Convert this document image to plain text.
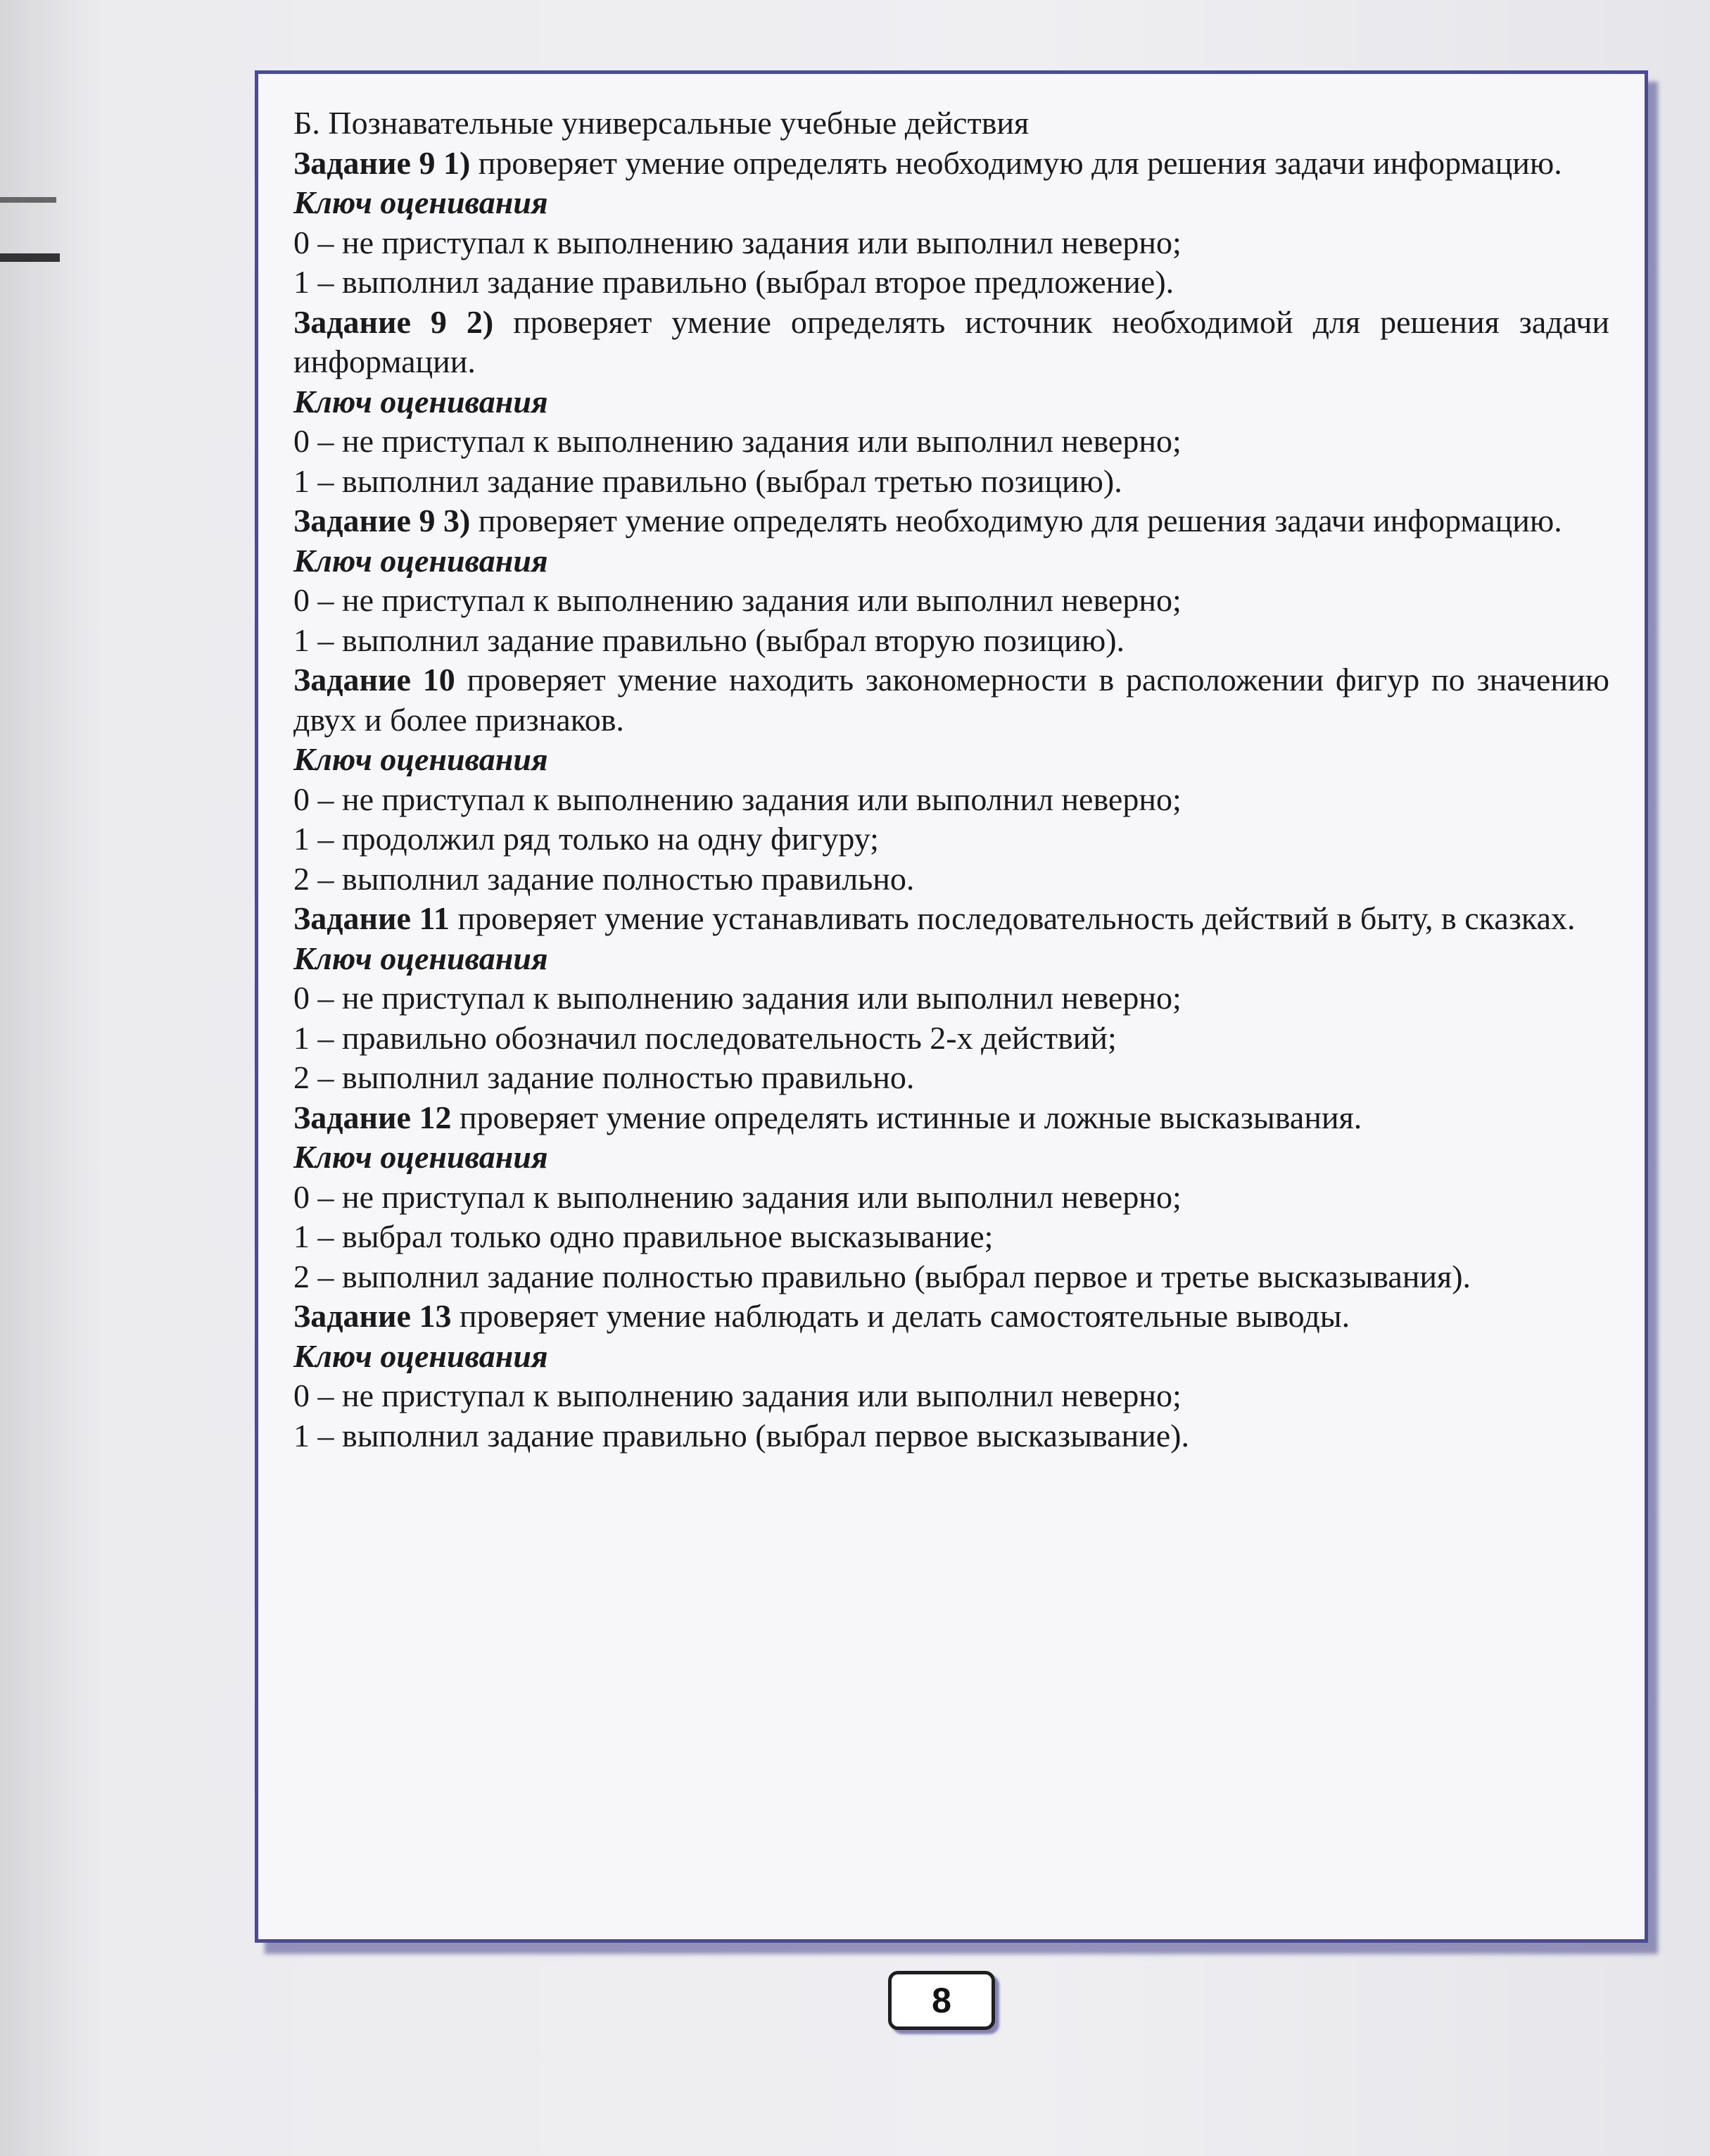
Б. Познавательные универсальные учебные действия
Задание 9 1) проверяет умение определять необходимую для решения задачи информацию.
Ключ оценивания
0 – не приступал к выполнению задания или выполнил неверно;
1 – выполнил задание правильно (выбрал второе предложение).
Задание 9 2) проверяет умение определять источник необходимой для решения задачи информации.
Ключ оценивания
0 – не приступал к выполнению задания или выполнил неверно;
1 – выполнил задание правильно (выбрал третью позицию).
Задание 9 3) проверяет умение определять необходимую для решения задачи информацию.
Ключ оценивания
0 – не приступал к выполнению задания или выполнил неверно;
1 – выполнил задание правильно (выбрал вторую позицию).
Задание 10 проверяет умение находить закономерности в расположении фигур по значению двух и более признаков.
Ключ оценивания
0 – не приступал к выполнению задания или выполнил неверно;
1 – продолжил ряд только на одну фигуру;
2 – выполнил задание полностью правильно.
Задание 11 проверяет умение устанавливать последовательность действий в быту, в сказках.
Ключ оценивания
0 – не приступал к выполнению задания или выполнил неверно;
1 – правильно обозначил последовательность 2-х действий;
2 – выполнил задание полностью правильно.
Задание 12 проверяет умение определять истинные и ложные высказывания.
Ключ оценивания
0 – не приступал к выполнению задания или выполнил неверно;
1 – выбрал только одно правильное высказывание;
2 – выполнил задание полностью правильно (выбрал первое и третье высказывания).
Задание 13 проверяет умение наблюдать и делать самостоятельные выводы.
Ключ оценивания
0 – не приступал к выполнению задания или выполнил неверно;
1 – выполнил задание правильно (выбрал первое высказывание).
8
